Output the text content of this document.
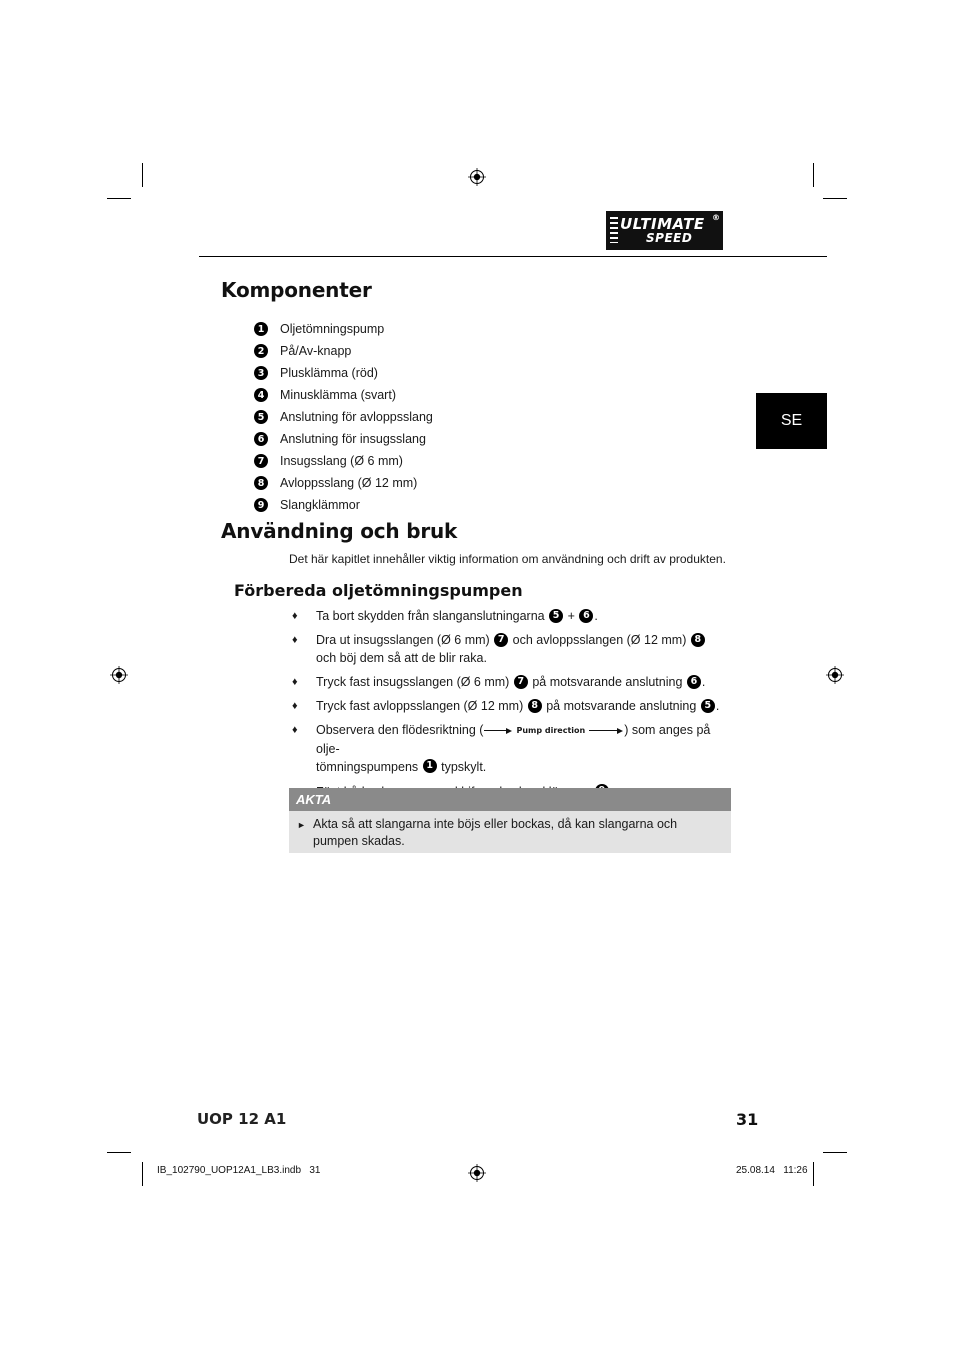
ULTIMATE
SPEED
®
SE
Komponenter
1 Oljetömningspump
2 På/Av-knapp
3 Plusklämma (röd)
4 Minusklämma (svart)
5 Anslutning för avloppsslang
6 Anslutning för insugsslang
7 Insugsslang (Ø 6 mm)
8 Avloppsslang (Ø 12 mm)
9 Slangklämmor
Användning och bruk
Det här kapitlet innehåller viktig information om användning och drift av produkten.
Förbereda oljetömningspumpen
♦ Ta bort skydden från slanganslutningarna 5 + 6 .
♦ Dra ut insugsslangen (Ø 6 mm) 7 och avloppsslangen (Ø 12 mm) 8
och böj dem så att de blir raka.
♦ Tryck fast insugsslangen (Ø 6 mm) 7 på motsvarande anslutning 6 .
♦ Tryck fast avloppsslangen (Ø 12 mm) 8 på motsvarande anslutning 5 .
♦ Observera den flödesriktning (	Pump direction	) som anges på olje-
tömningspumpens 1 typskylt.
AKTA
► Akta så att slangarna inte böjs eller bockas, då kan slangarna och pumpen skadas.
UOP 12 A1	31
IB_102790_UOP12A1_LB3.indb   31	25.08.14   11:26
